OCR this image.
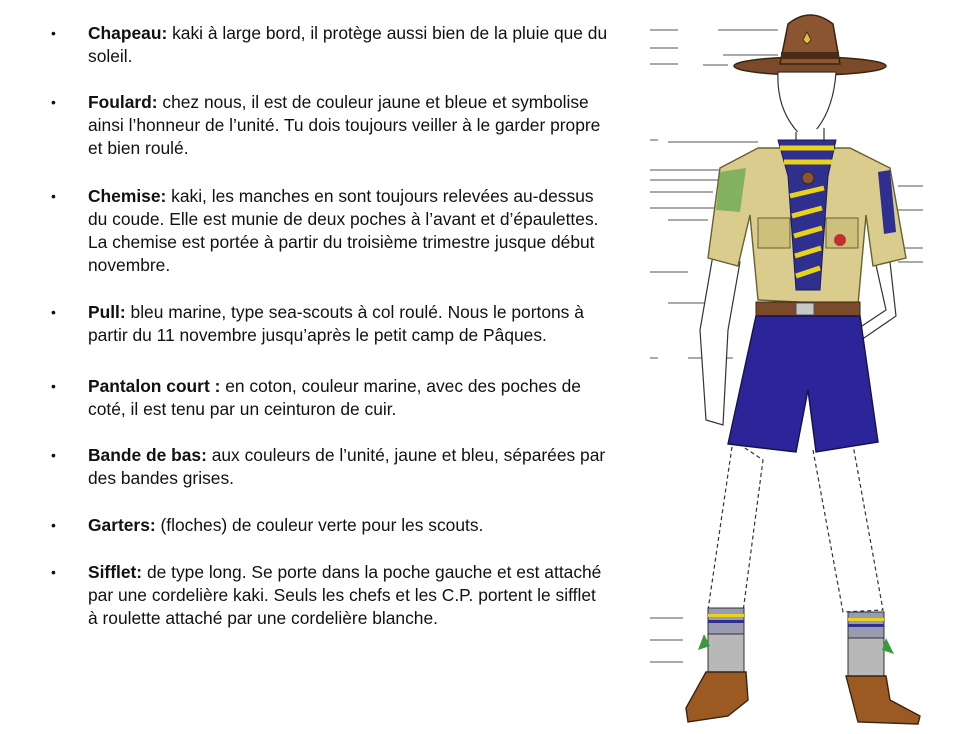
• Chapeau: kaki à large bord, il protège aussi bien de la pluie que du soleil.
• Foulard: chez nous, il est de couleur jaune et bleue et symbolise ainsi l’honneur de l’unité. Tu dois toujours veiller à le garder propre et bien roulé.
• Chemise: kaki, les manches en sont toujours relevées au-dessus du coude. Elle est munie de deux poches à l’avant et d’épaulettes. La chemise est portée à partir du troisième trimestre jusque début novembre.
• Pull: bleu marine, type sea-scouts à col roulé. Nous le portons à partir du 11 novembre jusqu’après le petit camp de Pâques.
• Pantalon court : en coton, couleur marine, avec des poches de coté, il est tenu par un ceinturon de cuir.
• Bande de bas: aux couleurs de l’unité, jaune et bleu, séparées par des bandes grises.
• Garters: (floches) de couleur verte pour les scouts.
• Sifflet: de type long. Se porte dans la poche gauche et est attaché par une cordelière kaki. Seuls les chefs et les C.P. portent le sifflet à roulette attaché par une cordelière blanche.
